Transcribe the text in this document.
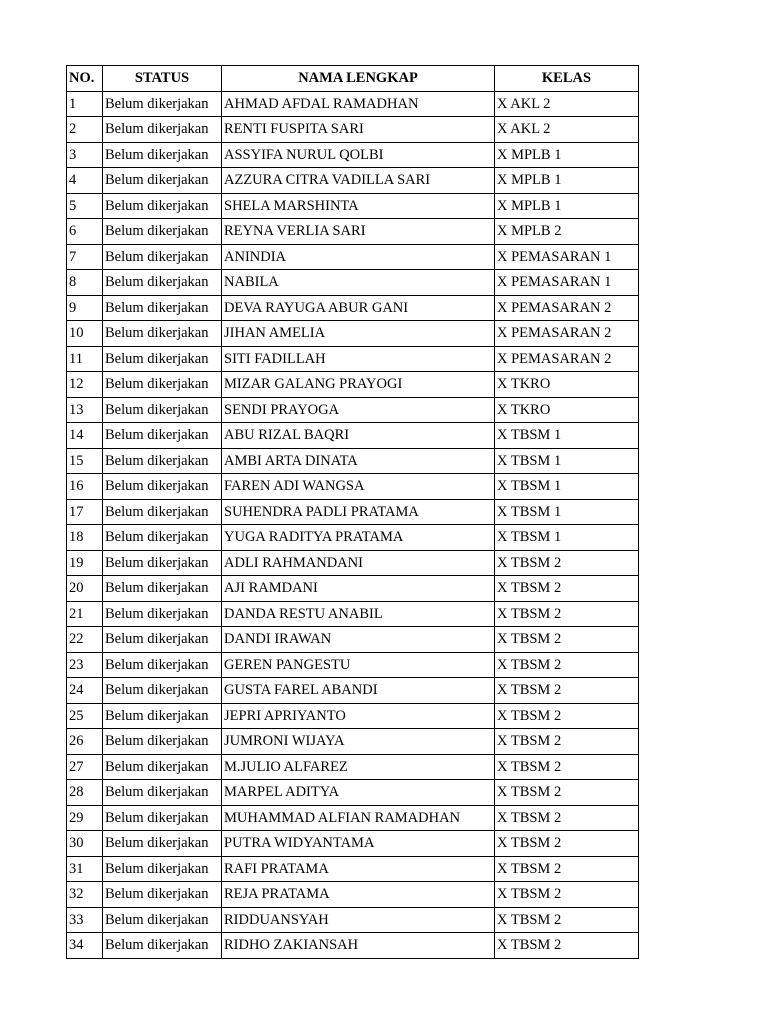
NO.	STATUS	NAMA LENGKAP	KELAS
1	Belum dikerjakan	AHMAD AFDAL RAMADHAN	X AKL 2
2	Belum dikerjakan	RENTI FUSPITA SARI	X AKL 2
3	Belum dikerjakan	ASSYIFA NURUL QOLBI	X MPLB 1
4	Belum dikerjakan	AZZURA CITRA VADILLA SARI	X MPLB 1
5	Belum dikerjakan	SHELA MARSHINTA	X MPLB 1
6	Belum dikerjakan	REYNA VERLIA SARI	X MPLB 2
7	Belum dikerjakan	ANINDIA	X PEMASARAN 1
8	Belum dikerjakan	NABILA	X PEMASARAN 1
9	Belum dikerjakan	DEVA RAYUGA ABUR GANI	X PEMASARAN 2
10	Belum dikerjakan	JIHAN AMELIA	X PEMASARAN 2
11	Belum dikerjakan	SITI FADILLAH	X PEMASARAN 2
12	Belum dikerjakan	MIZAR GALANG PRAYOGI	X TKRO
13	Belum dikerjakan	SENDI PRAYOGA	X TKRO
14	Belum dikerjakan	ABU RIZAL BAQRI	X TBSM 1
15	Belum dikerjakan	AMBI ARTA DINATA	X TBSM 1
16	Belum dikerjakan	FAREN ADI WANGSA	X TBSM 1
17	Belum dikerjakan	SUHENDRA PADLI PRATAMA	X TBSM 1
18	Belum dikerjakan	YUGA RADITYA PRATAMA	X TBSM 1
19	Belum dikerjakan	ADLI RAHMANDANI	X TBSM 2
20	Belum dikerjakan	AJI RAMDANI	X TBSM 2
21	Belum dikerjakan	DANDA RESTU ANABIL	X TBSM 2
22	Belum dikerjakan	DANDI IRAWAN	X TBSM 2
23	Belum dikerjakan	GEREN PANGESTU	X TBSM 2
24	Belum dikerjakan	GUSTA FAREL ABANDI	X TBSM 2
25	Belum dikerjakan	JEPRI APRIYANTO	X TBSM 2
26	Belum dikerjakan	JUMRONI WIJAYA	X TBSM 2
27	Belum dikerjakan	M.JULIO ALFAREZ	X TBSM 2
28	Belum dikerjakan	MARPEL ADITYA	X TBSM 2
29	Belum dikerjakan	MUHAMMAD ALFIAN RAMADHAN	X TBSM 2
30	Belum dikerjakan	PUTRA WIDYANTAMA	X TBSM 2
31	Belum dikerjakan	RAFI PRATAMA	X TBSM 2
32	Belum dikerjakan	REJA PRATAMA	X TBSM 2
33	Belum dikerjakan	RIDDUANSYAH	X TBSM 2
34	Belum dikerjakan	RIDHO ZAKIANSAH	X TBSM 2
